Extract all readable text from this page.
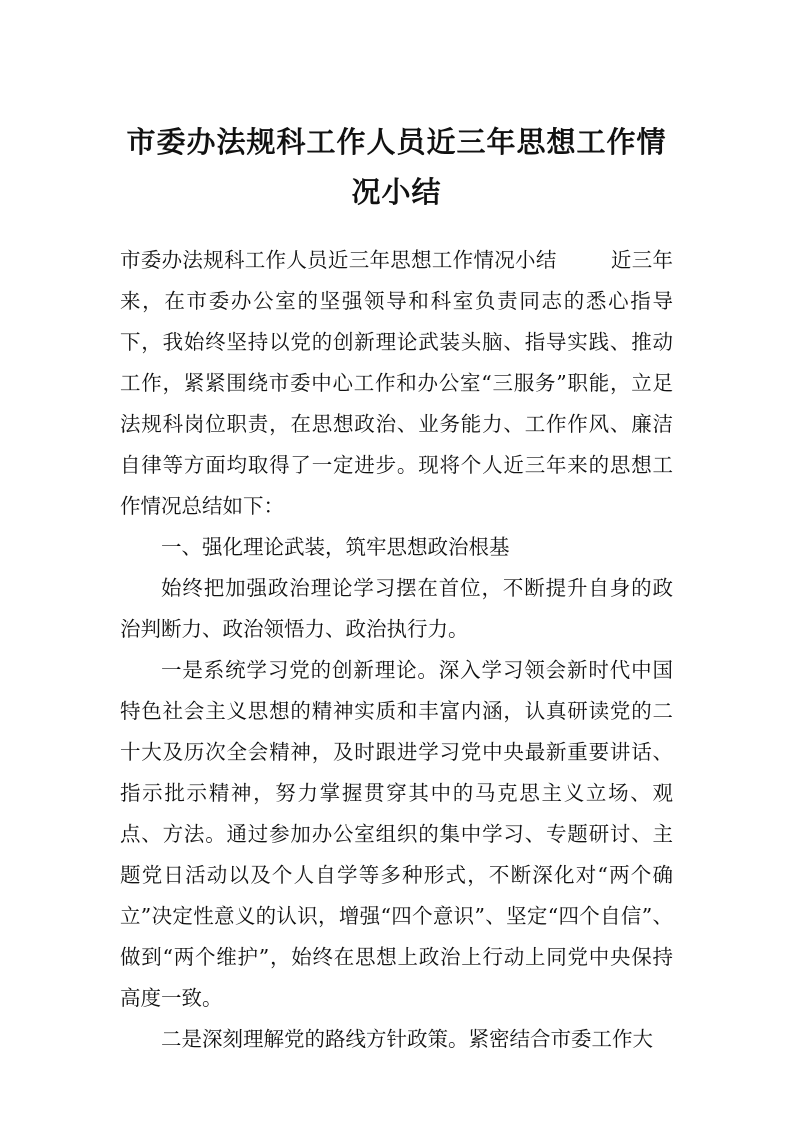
市委办法规科工作人员近三年思想工作情
况小结

市委办法规科工作人员近三年思想工作情况小结	近三年来，在市委办公室的坚强领导和科室负责同志的悉心指导下，我始终坚持以党的创新理论武装头脑、指导实践、推动工作，紧紧围绕市委中心工作和办公室“三服务”职能，立足法规科岗位职责，在思想政治、业务能力、工作作风、廉洁自律等方面均取得了一定进步。现将个人近三年来的思想工作情况总结如下：

一、强化理论武装，筑牢思想政治根基

始终把加强政治理论学习摆在首位，不断提升自身的政治判断力、政治领悟力、政治执行力。

一是系统学习党的创新理论。深入学习领会新时代中国特色社会主义思想的精神实质和丰富内涵，认真研读党的二十大及历次全会精神，及时跟进学习党中央最新重要讲话、指示批示精神，努力掌握贯穿其中的马克思主义立场、观点、方法。通过参加办公室组织的集中学习、专题研讨、主题党日活动以及个人自学等多种形式，不断深化对“两个确立”决定性意义的认识，增强“四个意识”、坚定“四个自信”、做到“两个维护”，始终在思想上政治上行动上同党中央保持高度一致。

二是深刻理解党的路线方针政策。紧密结合市委工作大
